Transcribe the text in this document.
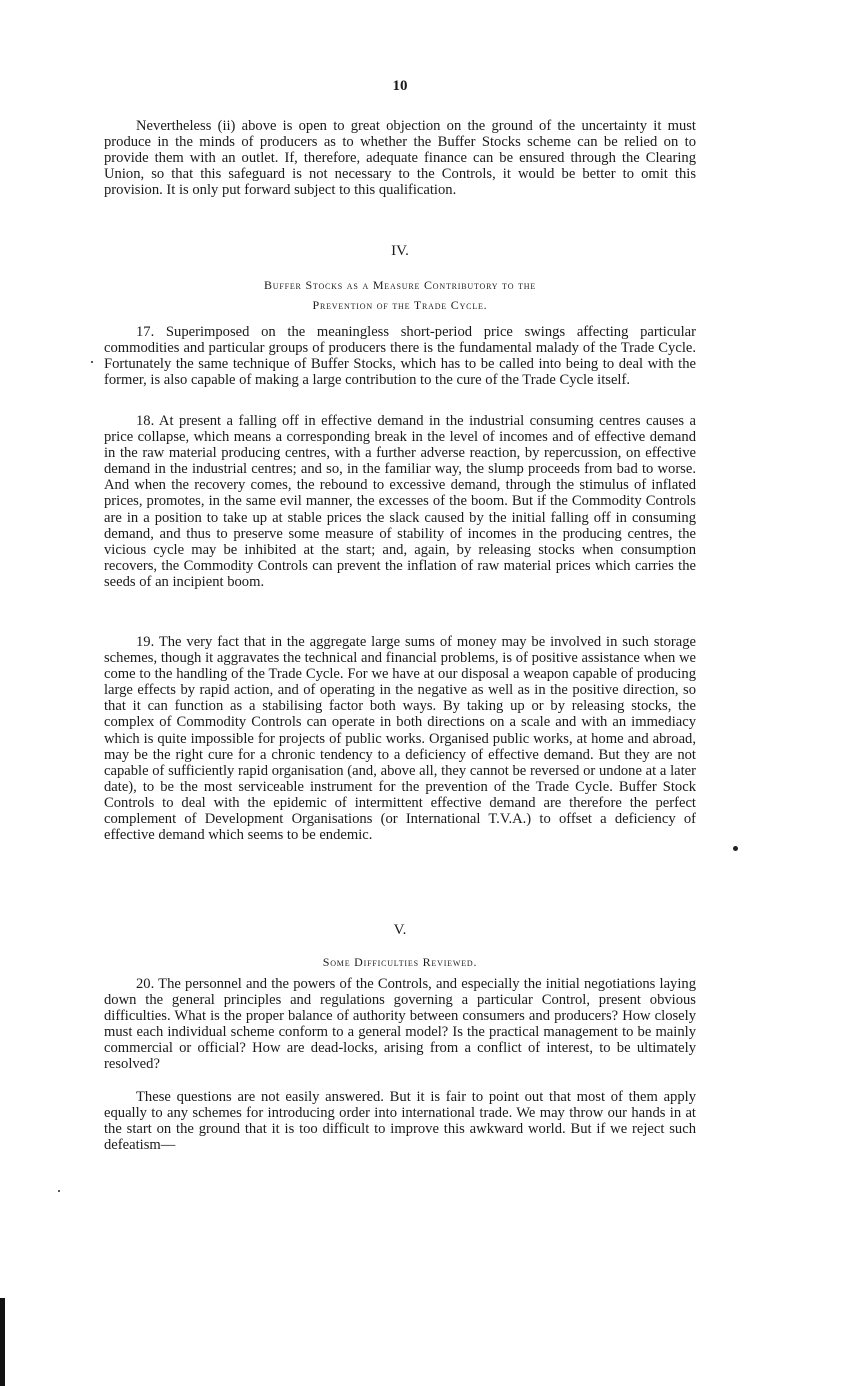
10
Nevertheless (ii) above is open to great objection on the ground of the uncertainty it must produce in the minds of producers as to whether the Buffer Stocks scheme can be relied on to provide them with an outlet. If, therefore, adequate finance can be ensured through the Clearing Union, so that this safeguard is not necessary to the Controls, it would be better to omit this provision. It is only put forward subject to this qualification.
IV.
Buffer Stocks as a Measure Contributory to the
Prevention of the Trade Cycle.
17. Superimposed on the meaningless short-period price swings affecting particular commodities and particular groups of producers there is the fundamental malady of the Trade Cycle. Fortunately the same technique of Buffer Stocks, which has to be called into being to deal with the former, is also capable of making a large contribution to the cure of the Trade Cycle itself.
18. At present a falling off in effective demand in the industrial consuming centres causes a price collapse, which means a corresponding break in the level of incomes and of effective demand in the raw material producing centres, with a further adverse reaction, by repercussion, on effective demand in the industrial centres; and so, in the familiar way, the slump proceeds from bad to worse. And when the recovery comes, the rebound to excessive demand, through the stimulus of inflated prices, promotes, in the same evil manner, the excesses of the boom. But if the Commodity Controls are in a position to take up at stable prices the slack caused by the initial falling off in consuming demand, and thus to preserve some measure of stability of incomes in the producing centres, the vicious cycle may be inhibited at the start; and, again, by releasing stocks when consumption recovers, the Commodity Controls can prevent the inflation of raw material prices which carries the seeds of an incipient boom.
19. The very fact that in the aggregate large sums of money may be involved in such storage schemes, though it aggravates the technical and financial problems, is of positive assistance when we come to the handling of the Trade Cycle. For we have at our disposal a weapon capable of producing large effects by rapid action, and of operating in the negative as well as in the positive direction, so that it can function as a stabilising factor both ways. By taking up or by releasing stocks, the complex of Commodity Controls can operate in both directions on a scale and with an immediacy which is quite impossible for projects of public works. Organised public works, at home and abroad, may be the right cure for a chronic tendency to a deficiency of effective demand. But they are not capable of sufficiently rapid organisation (and, above all, they cannot be reversed or undone at a later date), to be the most serviceable instrument for the prevention of the Trade Cycle. Buffer Stock Controls to deal with the epidemic of intermittent effective demand are therefore the perfect complement of Development Organisations (or International T.V.A.) to offset a deficiency of effective demand which seems to be endemic.
V.
Some Difficulties Reviewed.
20. The personnel and the powers of the Controls, and especially the initial negotiations laying down the general principles and regulations governing a particular Control, present obvious difficulties. What is the proper balance of authority between consumers and producers? How closely must each individual scheme conform to a general model? Is the practical management to be mainly commercial or official? How are dead-locks, arising from a conflict of interest, to be ultimately resolved?
These questions are not easily answered. But it is fair to point out that most of them apply equally to any schemes for introducing order into international trade. We may throw our hands in at the start on the ground that it is too difficult to improve this awkward world. But if we reject such defeatism—
